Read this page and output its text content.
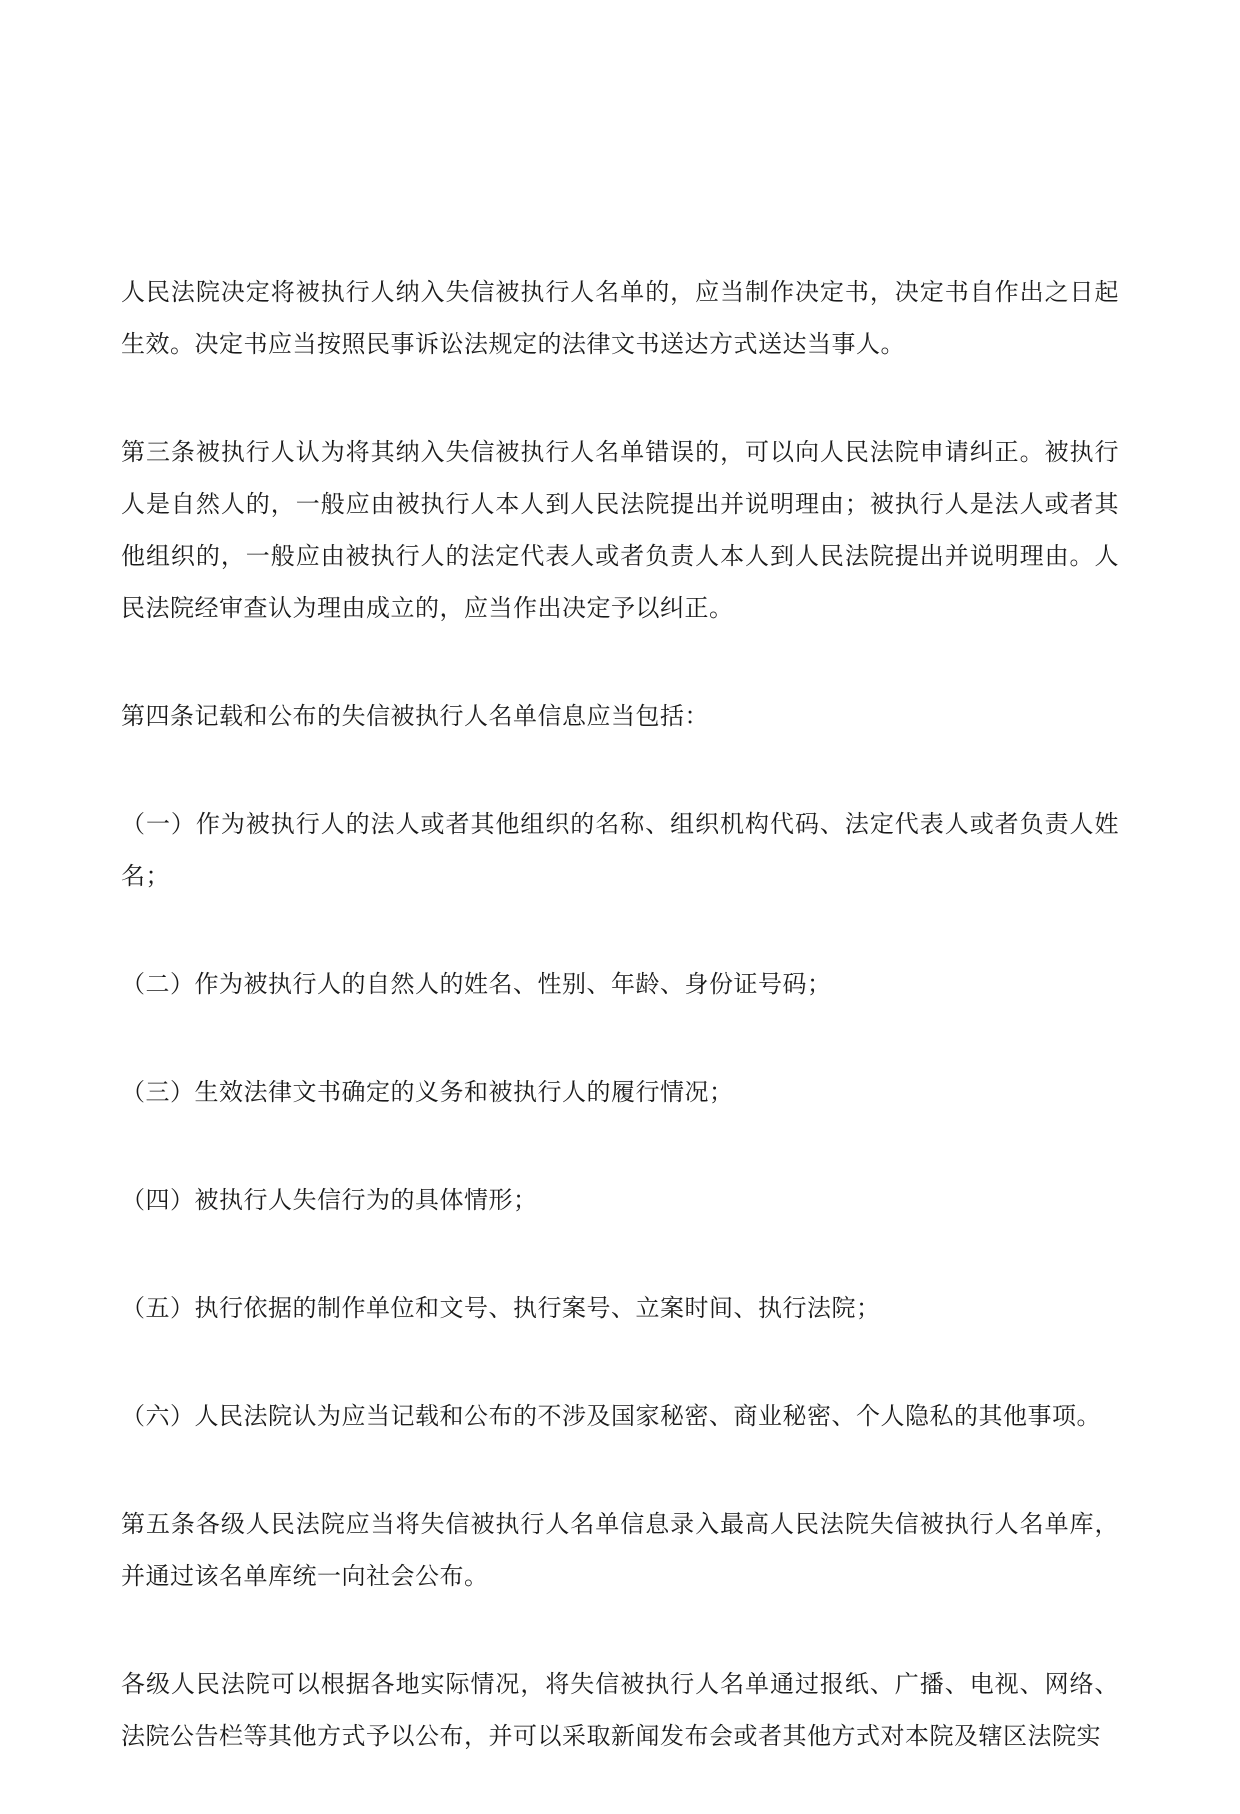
人民法院决定将被执行人纳入失信被执行人名单的，应当制作决定书，决定书自作出之日起生效。决定书应当按照民事诉讼法规定的法律文书送达方式送达当事人。

第三条被执行人认为将其纳入失信被执行人名单错误的，可以向人民法院申请纠正。被执行人是自然人的，一般应由被执行人本人到人民法院提出并说明理由；被执行人是法人或者其他组织的，一般应由被执行人的法定代表人或者负责人本人到人民法院提出并说明理由。人民法院经审查认为理由成立的，应当作出决定予以纠正。

第四条记载和公布的失信被执行人名单信息应当包括：

（一）作为被执行人的法人或者其他组织的名称、组织机构代码、法定代表人或者负责人姓名；

（二）作为被执行人的自然人的姓名、性别、年龄、身份证号码；

（三）生效法律文书确定的义务和被执行人的履行情况；

（四）被执行人失信行为的具体情形；

（五）执行依据的制作单位和文号、执行案号、立案时间、执行法院；

（六）人民法院认为应当记载和公布的不涉及国家秘密、商业秘密、个人隐私的其他事项。

第五条各级人民法院应当将失信被执行人名单信息录入最高人民法院失信被执行人名单库，并通过该名单库统一向社会公布。

各级人民法院可以根据各地实际情况，将失信被执行人名单通过报纸、广播、电视、网络、法院公告栏等其他方式予以公布，并可以采取新闻发布会或者其他方式对本院及辖区法院实
